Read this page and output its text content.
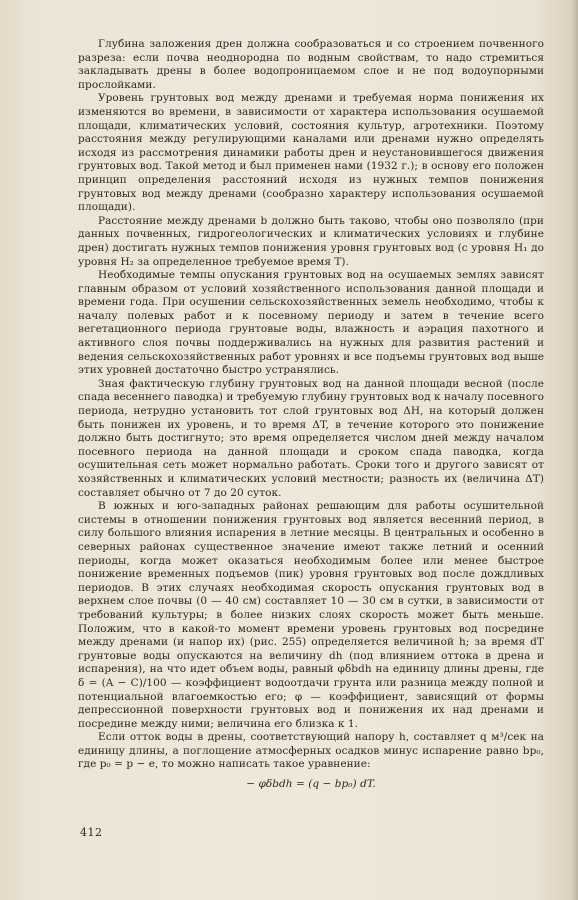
Глубина заложения дрен должна сообразоваться и со строением почвенного разреза: если почва неоднородна по водным свойствам, то надо стремиться закладывать дрены в более водопроницаемом слое и не под водоупорными прослойками.

Уровень грунтовых вод между дренами и требуемая норма понижения их изменяются во времени, в зависимости от характера использования осушаемой площади, климатических условий, состояния культур, агротехники. Поэтому расстояния между регулирующими каналами или дренами нужно определять исходя из рассмотрения динамики работы дрен и неустановившегося движения грунтовых вод. Такой метод и был применен нами (1932 г.); в основу его положен принцип определения расстояний исходя из нужных темпов понижения грунтовых вод между дренами (сообразно характеру использования осушаемой площади).

Расстояние между дренами b должно быть таково, чтобы оно позволяло (при данных почвенных, гидрогеологических и климатических условиях и глубине дрен) достигать нужных темпов понижения уровня грунтовых вод (с уровня H₁ до уровня H₂ за определенное требуемое время T).

Необходимые темпы опускания грунтовых вод на осушаемых землях зависят главным образом от условий хозяйственного использования данной площади и времени года. При осушении сельскохозяйственных земель необходимо, чтобы к началу полевых работ и к посевному периоду и затем в течение всего вегетационного периода грунтовые воды, влажность и аэрация пахотного и активного слоя почвы поддерживались на нужных для развития растений и ведения сельскохозяйственных работ уровнях и все подъемы грунтовых вод выше этих уровней достаточно быстро устранялись.

Зная фактическую глубину грунтовых вод на данной площади весной (после спада весеннего паводка) и требуемую глубину грунтовых вод к началу посевного периода, нетрудно установить тот слой грунтовых вод ΔH, на который должен быть понижен их уровень, и то время ΔT, в течение которого это понижение должно быть достигнуто; это время определяется числом дней между началом посевного периода на данной площади и сроком спада паводка, когда осушительная сеть может нормально работать. Сроки того и другого зависят от хозяйственных и климатических условий местности; разность их (величина ΔT) составляет обычно от 7 до 20 суток.

В южных и юго-западных районах решающим для работы осушительной системы в отношении понижения грунтовых вод является весенний период, в силу большого влияния испарения в летние месяцы. В центральных и особенно в северных районах существенное значение имеют также летний и осенний периоды, когда может оказаться необходимым более или менее быстрое понижение временных подъемов (пик) уровня грунтовых вод после дождливых периодов. В этих случаях необходимая скорость опускания грунтовых вод в верхнем слое почвы (0 — 40 см) составляет 10 — 30 см в сутки, в зависимости от требований культуры; в более низких слоях скорость может быть меньше. Положим, что в какой-то момент времени уровень грунтовых вод посредине между дренами (и напор их) (рис. 255) определяется величиной h; за время dT грунтовые воды опускаются на величину dh (под влиянием оттока в дрена и испарения), на что идет объем воды, равный φδbdh на единицу длины дрены, где δ = (A − C)/100 — коэффициент водоотдачи грунта или разница между полной и потенциальной влагоемкостью его; φ — коэффициент, зависящий от формы депрессионной поверхности грунтовых вод и понижения их над дренами и посредине между ними; величина его близка к 1.

Если отток воды в дрены, соответствующий напору h, составляет q м³/сек на единицу длины, а поглощение атмосферных осадков минус испарение равно bp₀, где p₀ = p − e, то можно написать такое уравнение:

− φδbdh = (q − bp₀) dT.

412
